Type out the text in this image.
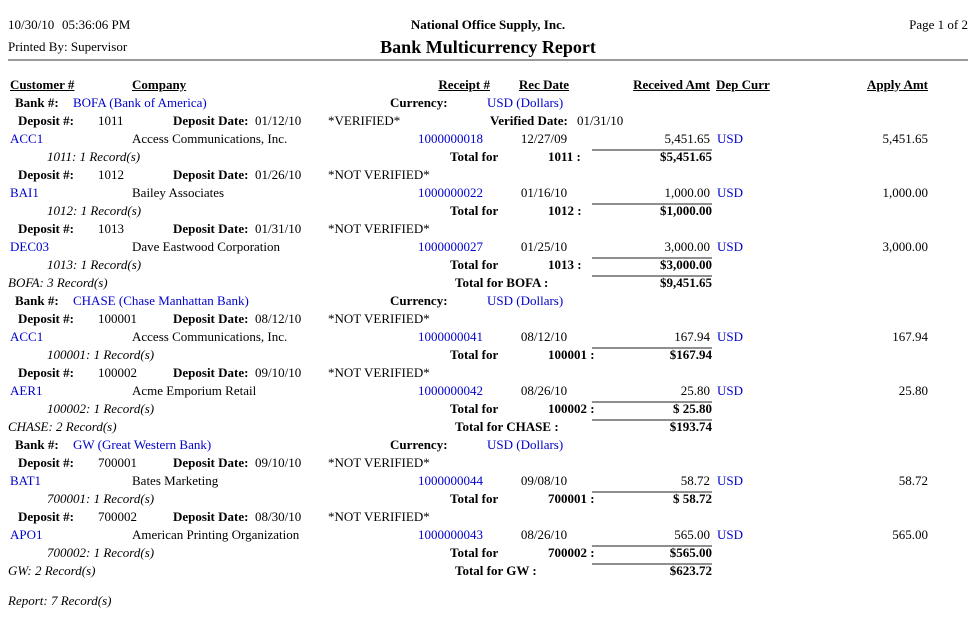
10/30/10 05:36:06 PM	National Office Supply, Inc.	Page 1 of 2
Printed By: Supervisor	Bank Multicurrency Report
Customer #	Company	Receipt #	Rec Date	Received Amt Dep Curr	Apply Amt
Bank #: BOFA (Bank of America)	Currency:	USD (Dollars)
Deposit #: 1011	Deposit Date: 01/12/10 *VERIFIED*	Verified Date: 01/31/10
ACC1	Access Communications, Inc.	1000000018	12/27/09	5,451.65 USD	5,451.65
1011: 1 Record(s)	Total for	1011 :	$5,451.65
Deposit #: 1012	Deposit Date: 01/26/10 *NOT VERIFIED*
BAI1	Bailey Associates	1000000022	01/16/10	1,000.00 USD	1,000.00
1012: 1 Record(s)	Total for	1012 :	$1,000.00
Deposit #: 1013	Deposit Date: 01/31/10 *NOT VERIFIED*
DEC03	Dave Eastwood Corporation	1000000027	01/25/10	3,000.00 USD	3,000.00
1013: 1 Record(s)	Total for	1013 :	$3,000.00
BOFA: 3 Record(s)	Total for BOFA :	$9,451.65
Bank #: CHASE (Chase Manhattan Bank)	Currency:	USD (Dollars)
Deposit #: 100001	Deposit Date: 08/12/10 *NOT VERIFIED*
ACC1	Access Communications, Inc.	1000000041	08/12/10	167.94 USD	167.94
100001: 1 Record(s)	Total for	100001 :	$167.94
Deposit #: 100002	Deposit Date: 09/10/10 *NOT VERIFIED*
AER1	Acme Emporium Retail	1000000042	08/26/10	25.80 USD	25.80
100002: 1 Record(s)	Total for	100002 :	$ 25.80
CHASE: 2 Record(s)	Total for CHASE :	$193.74
Bank #: GW (Great Western Bank)	Currency:	USD (Dollars)
Deposit #: 700001	Deposit Date: 09/10/10 *NOT VERIFIED*
BAT1	Bates Marketing	1000000044	09/08/10	58.72 USD	58.72
700001: 1 Record(s)	Total for	700001 :	$ 58.72
Deposit #: 700002	Deposit Date: 08/30/10 *NOT VERIFIED*
APO1	American Printing Organization	1000000043	08/26/10	565.00 USD	565.00
700002: 1 Record(s)	Total for	700002 :	$565.00
GW: 2 Record(s)	Total for GW :	$623.72
Report: 7 Record(s)
